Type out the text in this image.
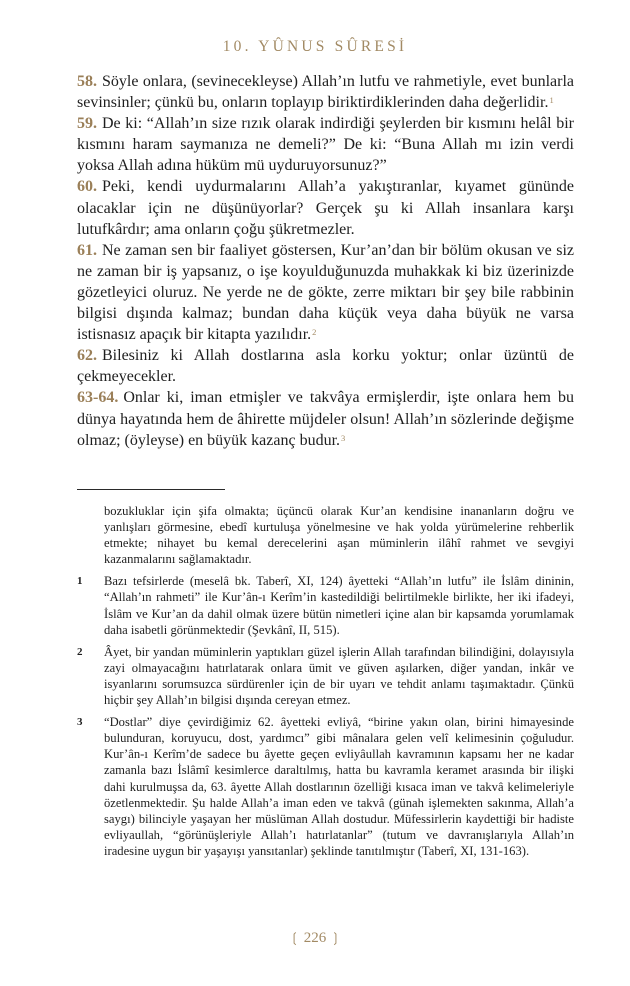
10. YÛNUS SÛRESİ

58. Söyle onlara, (sevinecekleyse) Allah’ın lutfu ve rahmetiyle, evet bunlarla sevinsinler; çünkü bu, onların toplayıp biriktirdiklerinden daha değerlidir.$^1$

59. De ki: “Allah’ın size rızık olarak indirdiği şeylerden bir kısmını helâl bir kısmını haram saymanıza ne demeli?” De ki: “Buna Allah mı izin verdi yoksa Allah adına hüküm mü uyduruyorsunuz?”

60. Peki, kendi uydurmalarını Allah’a yakıştıranlar, kıyamet gününde olacaklar için ne düşünüyorlar? Gerçek şu ki Allah insanlara karşı lutufkârdır; ama onların çoğu şükretmezler.

61. Ne zaman sen bir faaliyet göstersen, Kur’an’dan bir bölüm okusan ve siz ne zaman bir iş yapsanız, o işe koyulduğunuzda muhakkak ki biz üzerinizde gözetleyici oluruz. Ne yerde ne de gökte, zerre miktarı bir şey bile rabbinin bilgisi dışında kalmaz; bundan daha küçük veya daha büyük ne varsa istisnasız apaçık bir kitapta yazılıdır.$^2$

62. Bilesiniz ki Allah dostlarına asla korku yoktur; onlar üzüntü de çekmeyecekler.

63-64. Onlar ki, iman etmişler ve takvâya ermişlerdir, işte onlara hem bu dünya hayatında hem de âhirette müjdeler olsun! Allah’ın sözlerinde değişme olmaz; (öyleyse) en büyük kazanç budur.$^3$

bozukluklar için şifa olmakta; üçüncü olarak Kur’an kendisine inananların doğru ve yanlışları görmesine, ebedî kurtuluşa yönelmesine ve hak yolda yürümelerine rehberlik etmekte; nihayet bu kemal derecelerini aşan müminlerin ilâhî rahmet ve sevgiyi kazanmalarını sağlamaktadır.
1	Bazı tefsirlerde (meselâ bk. Taberî, XI, 124) âyetteki “Allah’ın lutfu” ile İslâm dininin, “Allah’ın rahmeti” ile Kur’ân-ı Kerîm’in kastedildiği belirtilmekle birlikte, her iki ifadeyi, İslâm ve Kur’an da dahil olmak üzere bütün nimetleri içine alan bir kapsamda yorumlamak daha isabetli görünmektedir (Şevkânî, II, 515).
2	Âyet, bir yandan müminlerin yaptıkları güzel işlerin Allah tarafından bilindiğini, dolayısıyla zayi olmayacağını hatırlatarak onlara ümit ve güven aşılarken, diğer yandan, inkâr ve isyanlarını sorumsuzca sürdürenler için de bir uyarı ve tehdit anlamı taşımaktadır. Çünkü hiçbir şey Allah’ın bilgisi dışında cereyan etmez.
3	“Dostlar” diye çevirdiğimiz 62. âyetteki evliyâ, “birine yakın olan, birini himayesinde bulunduran, koruyucu, dost, yardımcı” gibi mânalara gelen velî kelimesinin çoğuludur. Kur’ân-ı Kerîm’de sadece bu âyette geçen evliyâullah kavramının kapsamı her ne kadar zamanla bazı İslâmî kesimlerce daraltılmış, hatta bu kavramla keramet arasında bir ilişki dahi kurulmuşsa da, 63. âyette Allah dostlarının özelliği kısaca iman ve takvâ kelimeleriyle özetlenmektedir. Şu halde Allah’a iman eden ve takvâ (günah işlemekten sakınma, Allah’a saygı) bilinciyle yaşayan her müslüman Allah dostudur. Müfessirlerin kaydettiği bir hadiste evliyaullah, “görünüşleriyle Allah’ı hatırlatanlar” (tutum ve davranışlarıyla Allah’ın iradesine uygun bir yaşayışı yansıtanlar) şeklinde tanıtılmıştır (Taberî, XI, 131-163).
❲ 226 ❳
